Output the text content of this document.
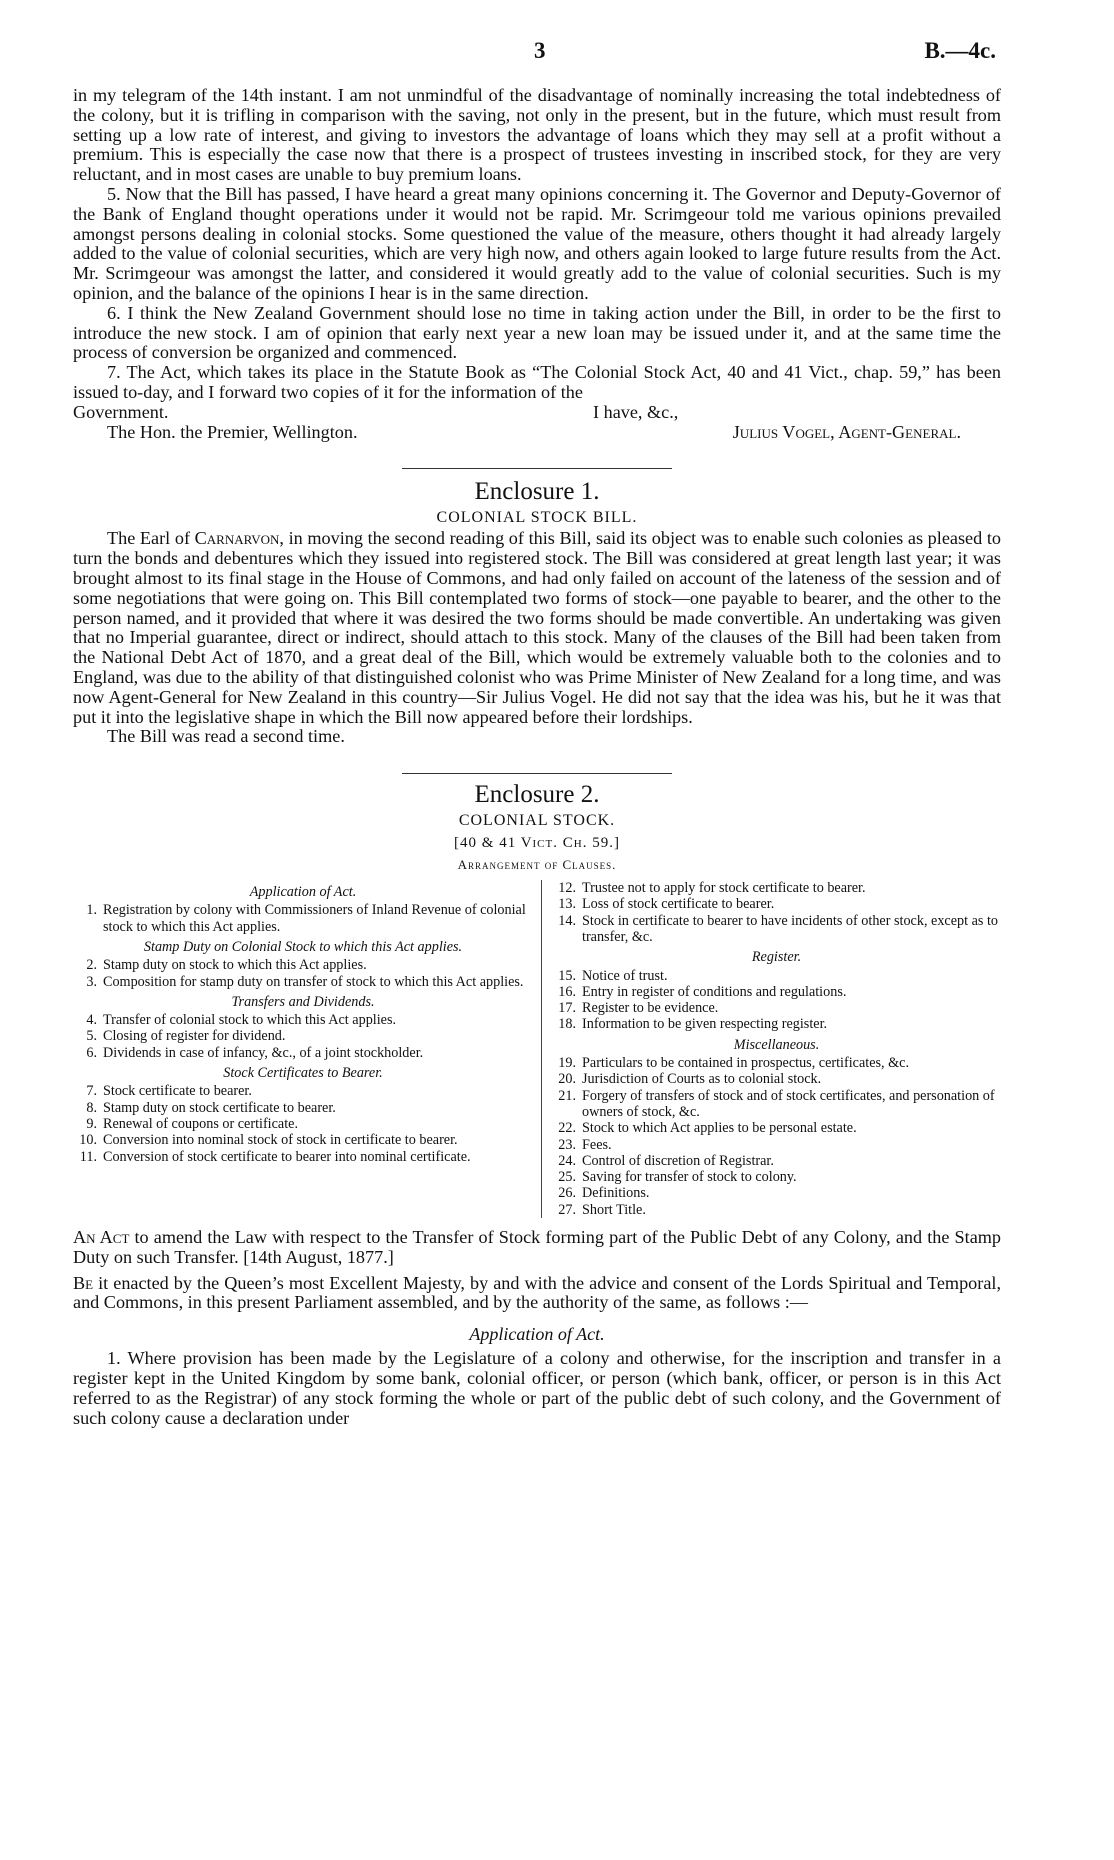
3	B.—4c.

in my telegram of the 14th instant. I am not unmindful of the disadvantage of nominally increasing the total indebtedness of the colony, but it is trifling in comparison with the saving, not only in the present, but in the future, which must result from setting up a low rate of interest, and giving to investors the advantage of loans which they may sell at a profit without a premium. This is especially the case now that there is a prospect of trustees investing in inscribed stock, for they are very reluctant, and in most cases are unable to buy premium loans.

5. Now that the Bill has passed, I have heard a great many opinions concerning it. The Governor and Deputy-Governor of the Bank of England thought operations under it would not be rapid. Mr. Scrimgeour told me various opinions prevailed amongst persons dealing in colonial stocks. Some questioned the value of the measure, others thought it had already largely added to the value of colonial securities, which are very high now, and others again looked to large future results from the Act. Mr. Scrimgeour was amongst the latter, and considered it would greatly add to the value of colonial securities. Such is my opinion, and the balance of the opinions I hear is in the same direction.

6. I think the New Zealand Government should lose no time in taking action under the Bill, in order to be the first to introduce the new stock. I am of opinion that early next year a new loan may be issued under it, and at the same time the process of conversion be organized and commenced.

7. The Act, which takes its place in the Statute Book as “The Colonial Stock Act, 40 and 41 Vict., chap. 59,” has been issued to-day, and I forward two copies of it for the information of the

Government.	I have, &c.,
The Hon. the Premier, Wellington.	Julius Vogel, Agent-General.
Enclosure 1.
COLONIAL STOCK BILL.

The Earl of Carnarvon, in moving the second reading of this Bill, said its object was to enable such colonies as pleased to turn the bonds and debentures which they issued into registered stock. The Bill was considered at great length last year; it was brought almost to its final stage in the House of Commons, and had only failed on account of the lateness of the session and of some negotiations that were going on. This Bill contemplated two forms of stock—one payable to bearer, and the other to the person named, and it provided that where it was desired the two forms should be made convertible. An undertaking was given that no Imperial guarantee, direct or indirect, should attach to this stock. Many of the clauses of the Bill had been taken from the National Debt Act of 1870, and a great deal of the Bill, which would be extremely valuable both to the colonies and to England, was due to the ability of that distinguished colonist who was Prime Minister of New Zealand for a long time, and was now Agent-General for New Zealand in this country—Sir Julius Vogel. He did not say that the idea was his, but he it was that put it into the legislative shape in which the Bill now appeared before their lordships.

The Bill was read a second time.

Enclosure 2.
COLONIAL STOCK.
[40 & 41 Vict. Ch. 59.]
Arrangement of Clauses.
Application of Act.
1. Registration by colony with Commissioners of Inland Revenue of colonial stock to which this Act applies.
Stamp Duty on Colonial Stock to which this Act applies.
2. Stamp duty on stock to which this Act applies.
3. Composition for stamp duty on transfer of stock to which this Act applies.
Transfers and Dividends.
4. Transfer of colonial stock to which this Act applies.
5. Closing of register for dividend.
6. Dividends in case of infancy, &c., of a joint stockholder.
Stock Certificates to Bearer.
7. Stock certificate to bearer.
8. Stamp duty on stock certificate to bearer.
9. Renewal of coupons or certificate.
10. Conversion into nominal stock of stock in certificate to bearer.
11. Conversion of stock certificate to bearer into nominal certificate.
12. Trustee not to apply for stock certificate to bearer.
13. Loss of stock certificate to bearer.
14. Stock in certificate to bearer to have incidents of other stock, except as to transfer, &c.
Register.
15. Notice of trust.
16. Entry in register of conditions and regulations.
17. Register to be evidence.
18. Information to be given respecting register.
Miscellaneous.
19. Particulars to be contained in prospectus, certificates, &c.
20. Jurisdiction of Courts as to colonial stock.
21. Forgery of transfers of stock and of stock certificates, and personation of owners of stock, &c.
22. Stock to which Act applies to be personal estate.
23. Fees.
24. Control of discretion of Registrar.
25. Saving for transfer of stock to colony.
26. Definitions.
27. Short Title.

An Act to amend the Law with respect to the Transfer of Stock forming part of the Public Debt of any Colony, and the Stamp Duty on such Transfer. [14th August, 1877.]

Be it enacted by the Queen’s most Excellent Majesty, by and with the advice and consent of the Lords Spiritual and Temporal, and Commons, in this present Parliament assembled, and by the authority of the same, as follows :—

Application of Act.

1. Where provision has been made by the Legislature of a colony and otherwise, for the inscription and transfer in a register kept in the United Kingdom by some bank, colonial officer, or person (which bank, officer, or person is in this Act referred to as the Registrar) of any stock forming the whole or part of the public debt of such colony, and the Government of such colony cause a declaration under
